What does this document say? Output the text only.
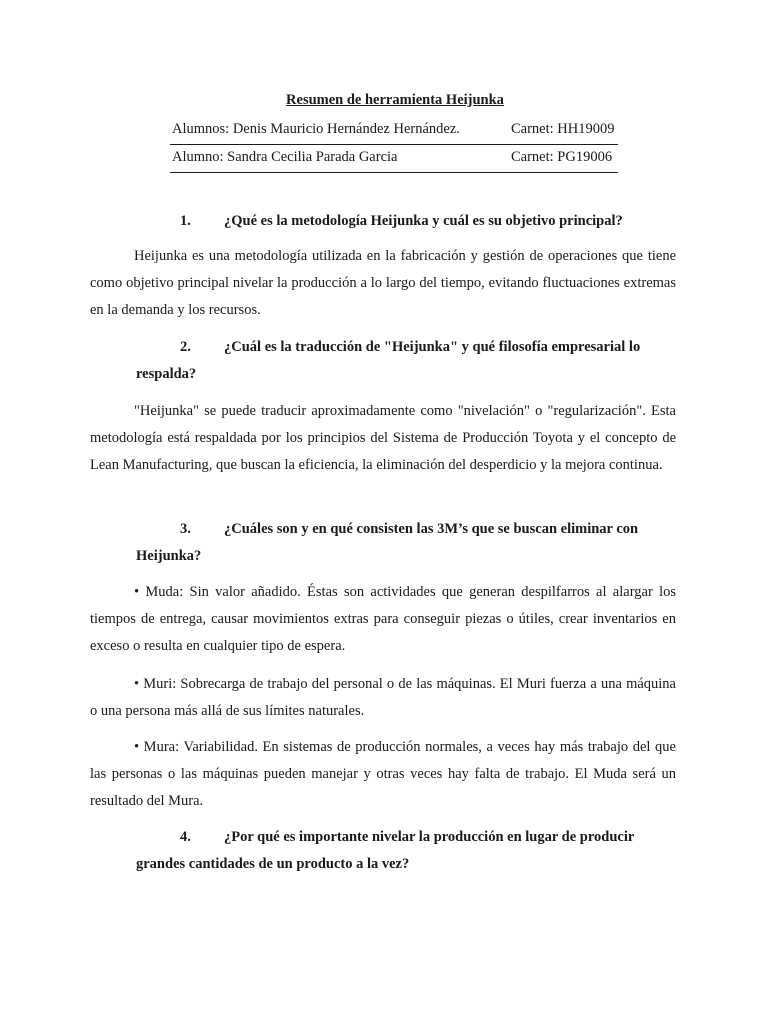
Resumen de herramienta Heijunka
Alumnos: Denis Mauricio Hernández Hernández.	Carnet: HH19009
Alumno: Sandra Cecilia Parada Garcia	Carnet: PG19006
1.	¿Qué es la metodología Heijunka y cuál es su objetivo principal?
Heijunka es una metodología utilizada en la fabricación y gestión de operaciones que tiene como objetivo principal nivelar la producción a lo largo del tiempo, evitando fluctuaciones extremas en la demanda y los recursos.
2.	¿Cuál es la traducción de "Heijunka" y qué filosofía empresarial lo respalda?
"Heijunka" se puede traducir aproximadamente como "nivelación" o "regularización". Esta metodología está respaldada por los principios del Sistema de Producción Toyota y el concepto de Lean Manufacturing, que buscan la eficiencia, la eliminación del desperdicio y la mejora continua.
3.	¿Cuáles son y en qué consisten las 3M’s que se buscan eliminar con Heijunka?
• Muda: Sin valor añadido. Éstas son actividades que generan despilfarros al alargar los tiempos de entrega, causar movimientos extras para conseguir piezas o útiles, crear inventarios en exceso o resulta en cualquier tipo de espera.
• Muri: Sobrecarga de trabajo del personal o de las máquinas. El Muri fuerza a una máquina o una persona más allá de sus límites naturales.
• Mura: Variabilidad. En sistemas de producción normales, a veces hay más trabajo del que las personas o las máquinas pueden manejar y otras veces hay falta de trabajo. El Muda será un resultado del Mura.
4.	¿Por qué es importante nivelar la producción en lugar de producir grandes cantidades de un producto a la vez?
